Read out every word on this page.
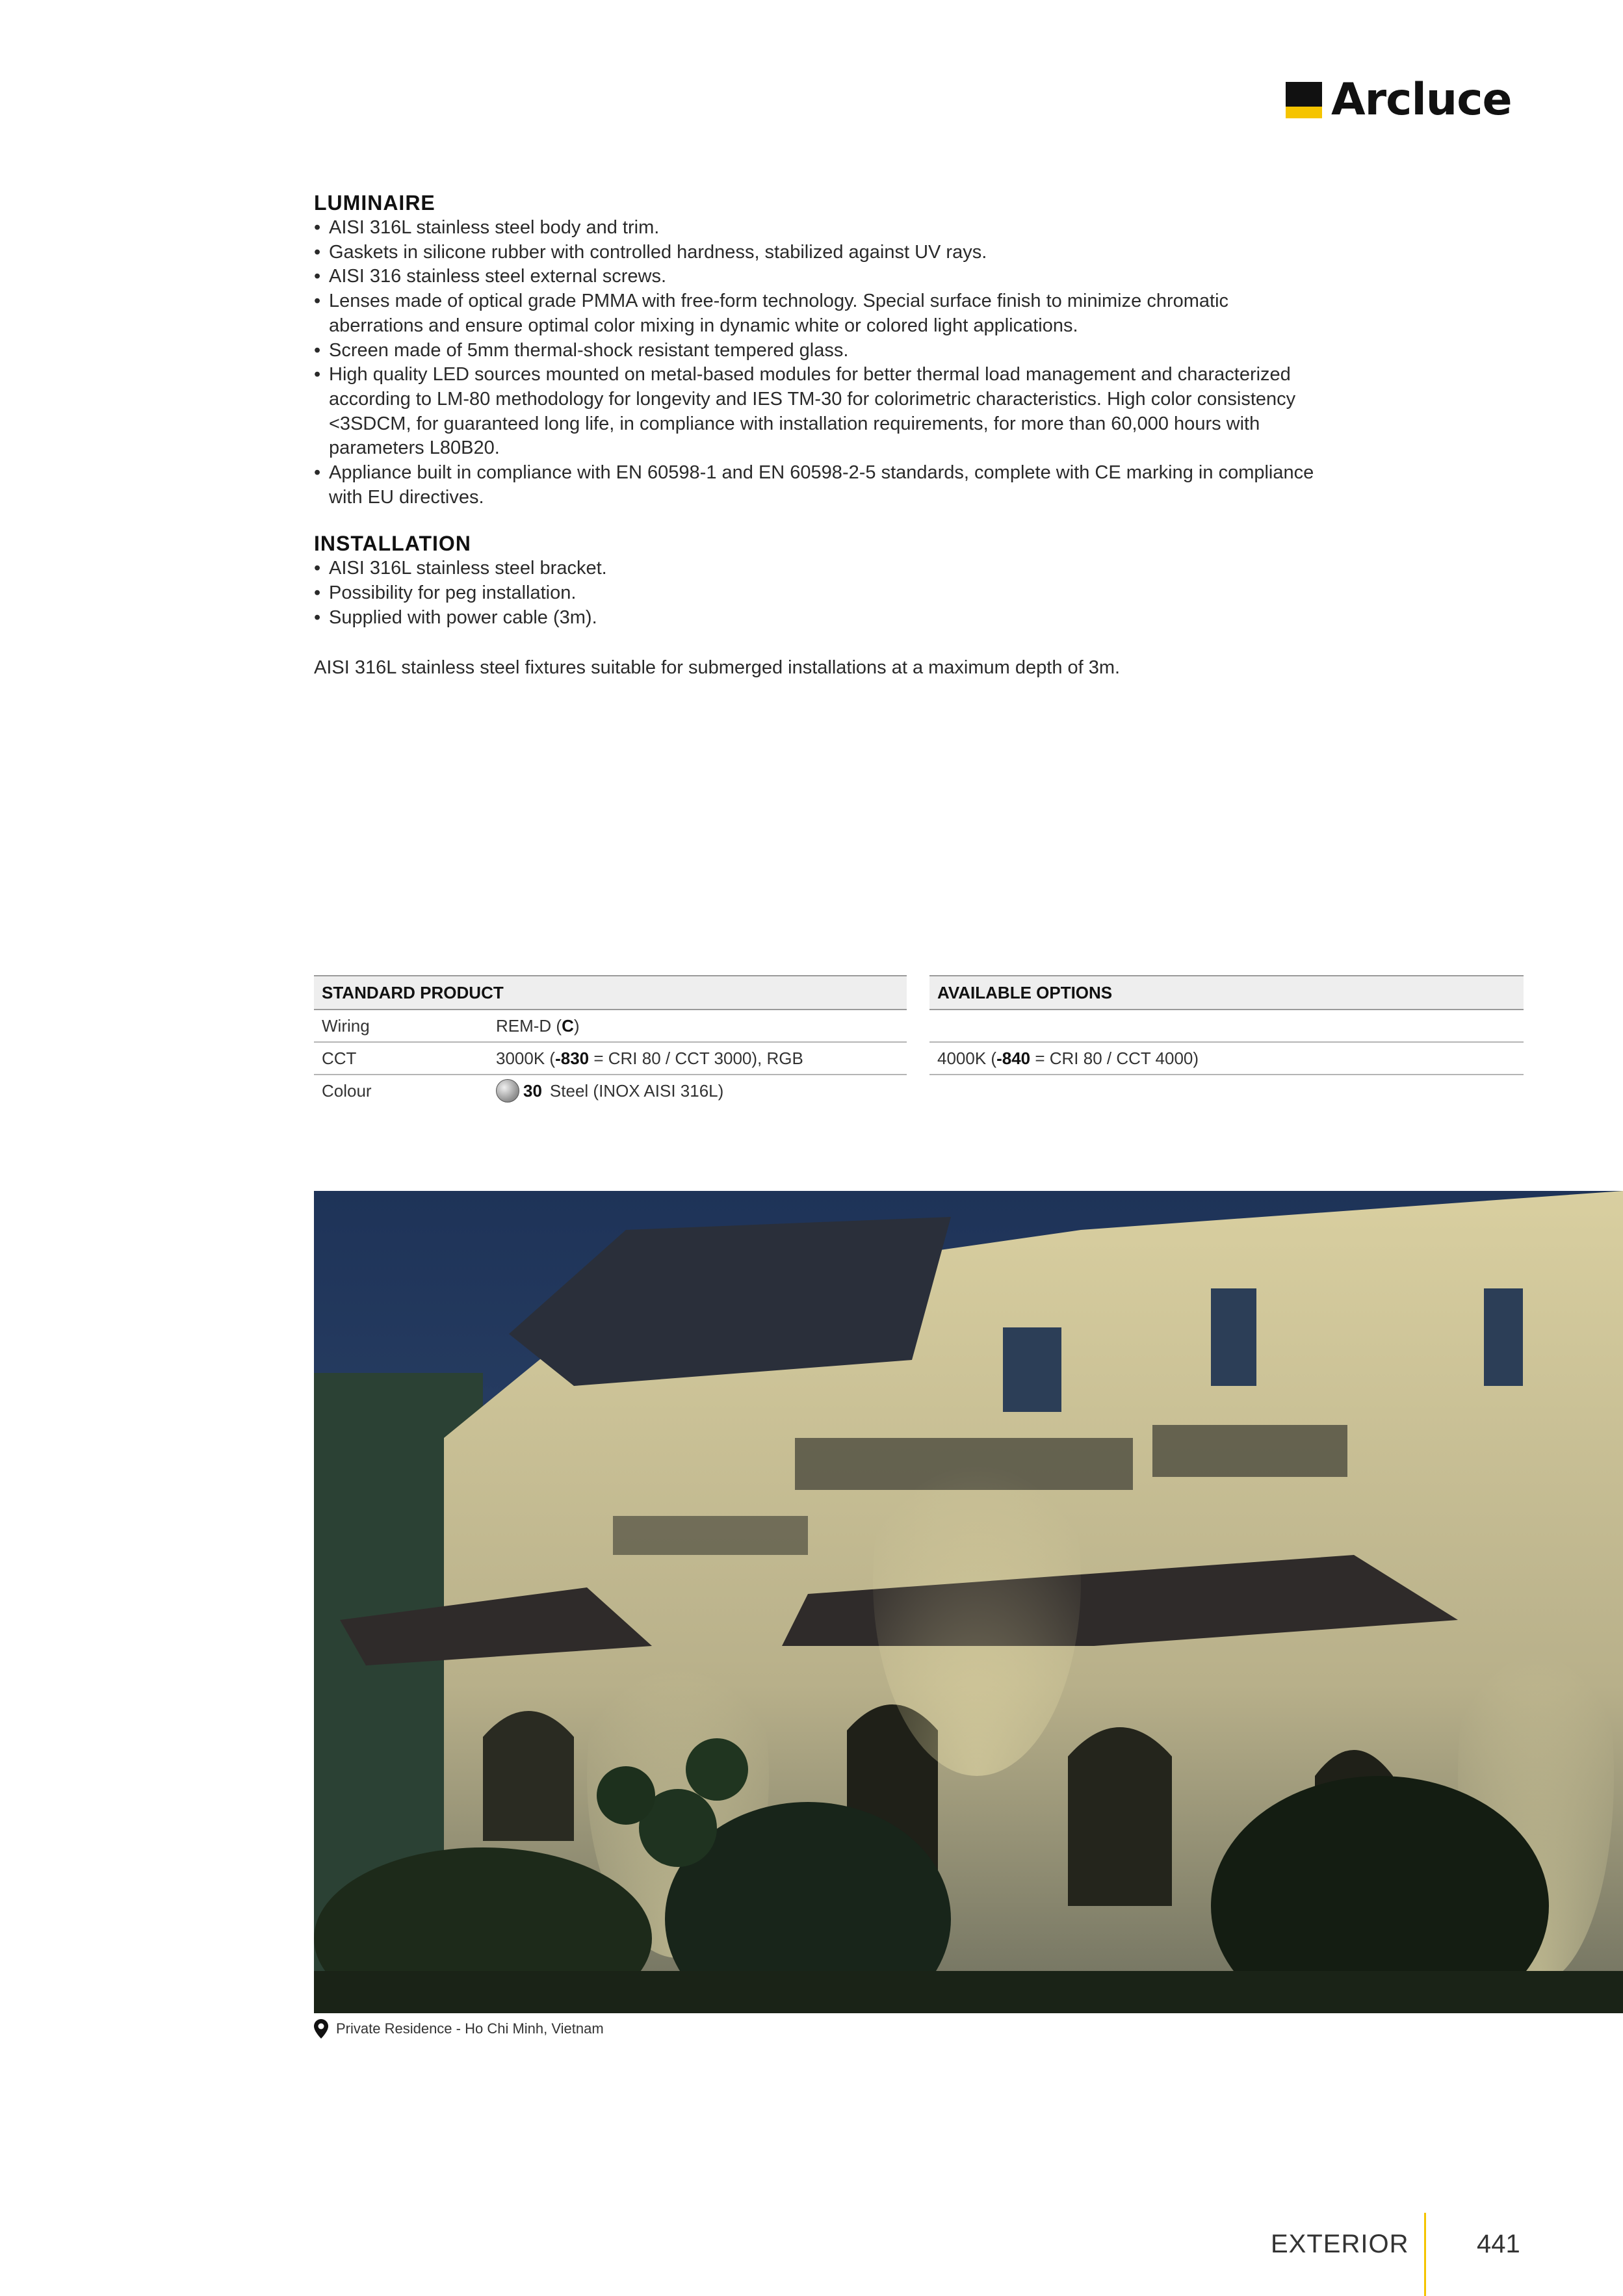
Arcluce
LUMINAIRE
• AISI 316L stainless steel body and trim.
• Gaskets in silicone rubber with controlled hardness, stabilized against UV rays.
• AISI 316 stainless steel external screws.
• Lenses made of optical grade PMMA with free-form technology. Special surface finish to minimize chromatic aberrations and ensure optimal color mixing in dynamic white or colored light applications.
• Screen made of 5mm thermal-shock resistant tempered glass.
• High quality LED sources mounted on metal-based modules for better thermal load management and characterized according to LM-80 methodology for longevity and IES TM-30 for colorimetric characteristics. High color consistency <3SDCM, for guaranteed long life, in compliance with installation requirements, for more than 60,000 hours with parameters L80B20.
• Appliance built in compliance with EN 60598-1 and EN 60598-2-5 standards, complete with CE marking in compliance with EU directives.
INSTALLATION
• AISI 316L stainless steel bracket.
• Possibility for peg installation.
• Supplied with power cable (3m).

AISI 316L stainless steel fixtures suitable for submerged installations at a maximum depth of 3m.

STANDARD PRODUCT
Wiring	REM-D ( C )
CCT	3000K ( -830 = CRI 80 / CCT 3000), RGB
Colour	30 Steel (INOX AISI 316L)
AVAILABLE OPTIONS
4000K (-840 = CRI 80 / CCT 4000)
Private Residence - Ho Chi Minh, Vietnam
EXTERIOR	441
